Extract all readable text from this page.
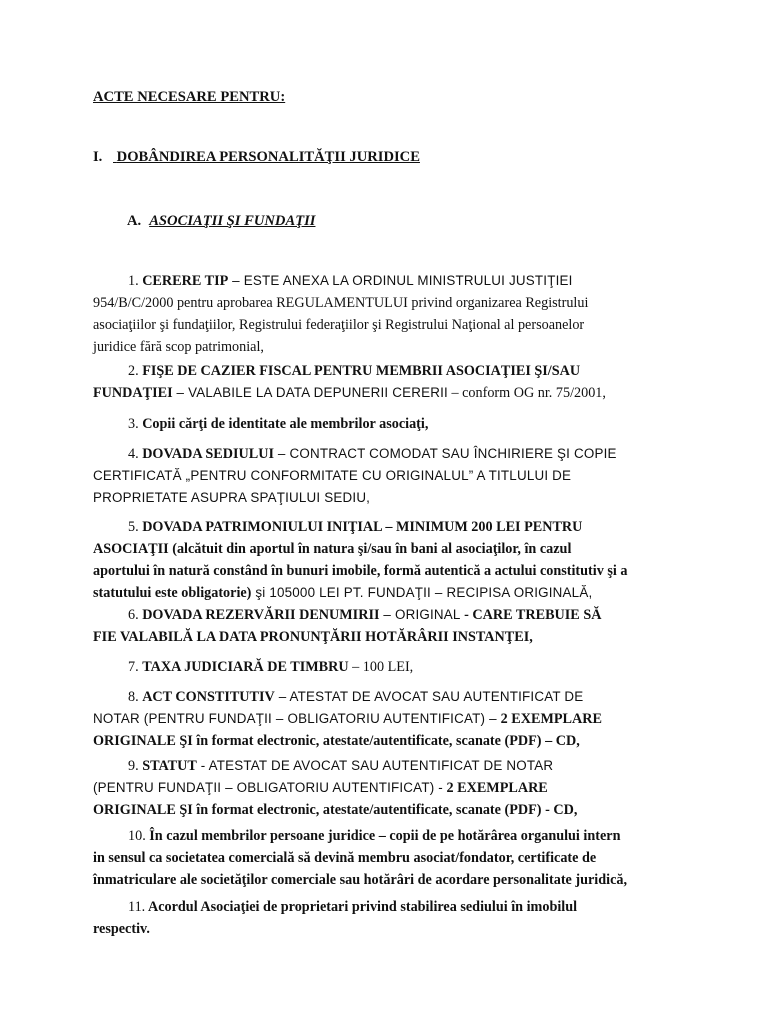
ACTE NECESARE PENTRU:
I. DOBÂNDIREA PERSONALITĂŢII JURIDICE
A. ASOCIAŢII ŞI FUNDAŢII
1. CERERE TIP – ESTE ANEXA LA ORDINUL MINISTRULUI JUSTIŢIEI
954/B/C/2000 pentru aprobarea REGULAMENTULUI privind organizarea Registrului
asociaţiilor şi fundaţiilor, Registrului federaţiilor şi Registrului Naţional al persoanelor
juridice fără scop patrimonial,
2. FIŞE DE CAZIER FISCAL PENTRU MEMBRII ASOCIAŢIEI ŞI/SAU
FUNDAŢIEI – VALABILE LA DATA DEPUNERII CERERII – conform OG nr. 75/2001,
3. Copii cărţi de identitate ale membrilor asociaţi,
4. DOVADA SEDIULUI – CONTRACT COMODAT SAU ÎNCHIRIERE ŞI COPIE
CERTIFICATĂ „PENTRU CONFORMITATE CU ORIGINALUL” A TITLULUI DE
PROPRIETATE ASUPRA SPAŢIULUI SEDIU,
5. DOVADA PATRIMONIULUI INIŢIAL – MINIMUM 200 LEI PENTRU
ASOCIAŢII (alcătuit din aportul în natura şi/sau în bani al asociaţilor, în cazul
aportului în natură constând în bunuri imobile, formă autentică a actului constitutiv şi a
statutului este obligatorie) şi 105000 LEI PT. FUNDAŢII – RECIPISA ORIGINALĂ,
6. DOVADA REZERVĂRII DENUMIRII – ORIGINAL - CARE TREBUIE SĂ
FIE VALABILĂ LA DATA PRONUNŢĂRII HOTĂRÂRII INSTANŢEI,
7. TAXA JUDICIARĂ DE TIMBRU – 100 LEI,
8. ACT CONSTITUTIV – ATESTAT DE AVOCAT SAU AUTENTIFICAT DE
NOTAR (PENTRU FUNDAŢII – OBLIGATORIU AUTENTIFICAT) – 2 EXEMPLARE
ORIGINALE ŞI în format electronic, atestate/autentificate, scanate (PDF) – CD,
9. STATUT - ATESTAT DE AVOCAT SAU AUTENTIFICAT DE NOTAR
(PENTRU FUNDAŢII – OBLIGATORIU AUTENTIFICAT) - 2 EXEMPLARE
ORIGINALE ŞI în format electronic, atestate/autentificate, scanate (PDF) - CD,
10. În cazul membrilor persoane juridice – copii de pe hotărârea organului intern
in sensul ca societatea comercială să devină membru asociat/fondator, certificate de
înmatriculare ale societăţilor comerciale sau hotărâri de acordare personalitate juridică,
11. Acordul Asociaţiei de proprietari privind stabilirea sediului în imobilul
respectiv.
